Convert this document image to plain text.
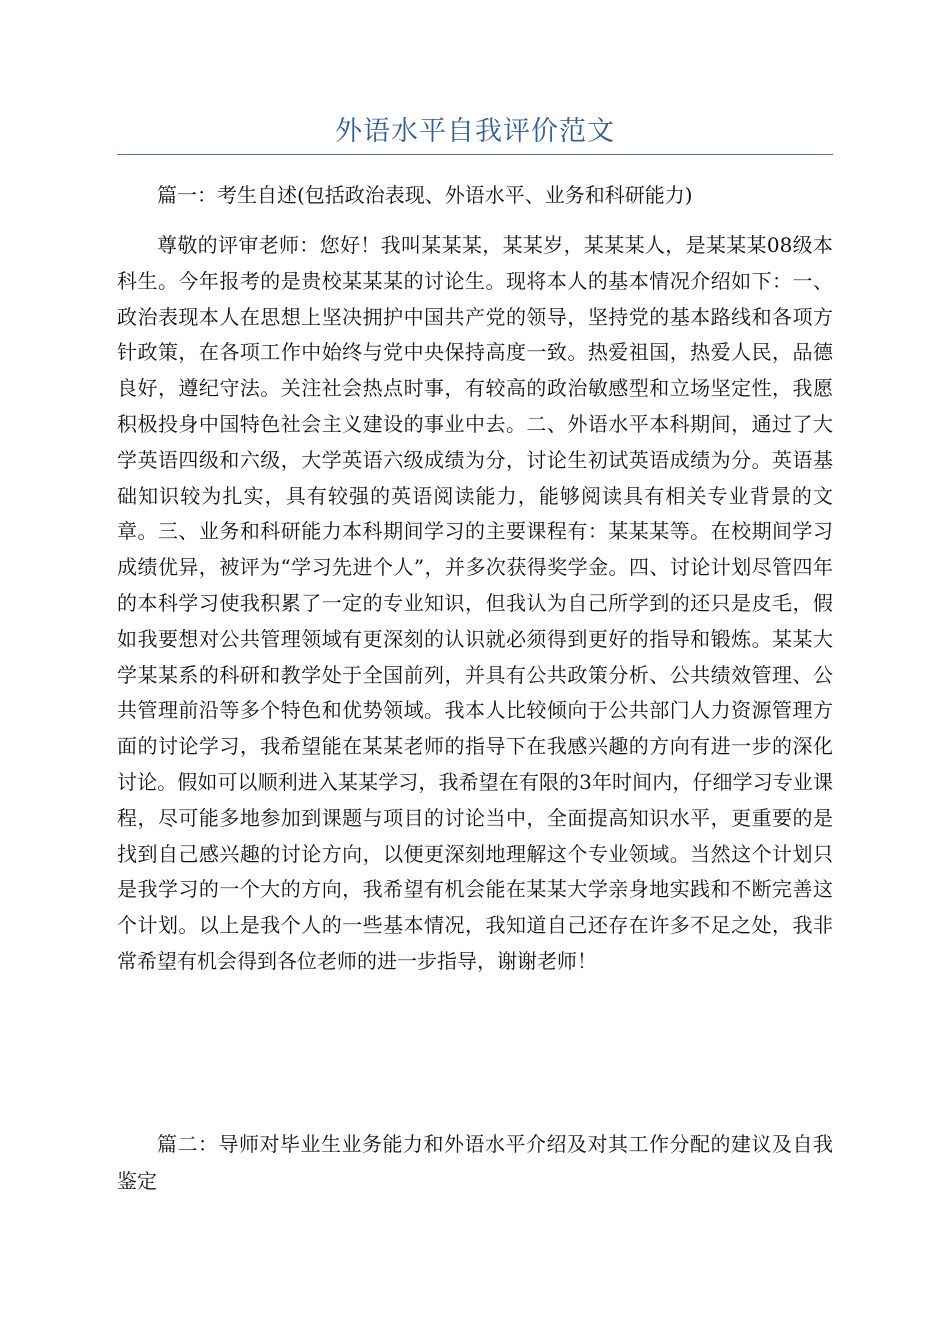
外语水平自我评价范文

篇一：考生自述(包括政治表现、外语水平、业务和科研能力)

尊敬的评审老师：您好！我叫某某某，某某岁，某某某人，是某某某08级本科生。今年报考的是贵校某某某的讨论生。现将本人的基本情况介绍如下：一、政治表现本人在思想上坚决拥护中国共产党的领导，坚持党的基本路线和各项方针政策，在各项工作中始终与党中央保持高度一致。热爱祖国，热爱人民，品德良好，遵纪守法。关注社会热点时事，有较高的政治敏感型和立场坚定性，我愿积极投身中国特色社会主义建设的事业中去。二、外语水平本科期间，通过了大学英语四级和六级，大学英语六级成绩为分，讨论生初试英语成绩为分。英语基础知识较为扎实，具有较强的英语阅读能力，能够阅读具有相关专业背景的文章。三、业务和科研能力本科期间学习的主要课程有：某某某等。在校期间学习成绩优异，被评为“学习先进个人”，并多次获得奖学金。四、讨论计划尽管四年的本科学习使我积累了一定的专业知识，但我认为自己所学到的还只是皮毛，假如我要想对公共管理领域有更深刻的认识就必须得到更好的指导和锻炼。某某大学某某系的科研和教学处于全国前列，并具有公共政策分析、公共绩效管理、公共管理前沿等多个特色和优势领域。我本人比较倾向于公共部门人力资源管理方面的讨论学习，我希望能在某某老师的指导下在我感兴趣的方向有进一步的深化讨论。假如可以顺利进入某某学习，我希望在有限的3年时间内，仔细学习专业课程，尽可能多地参加到课题与项目的讨论当中，全面提高知识水平，更重要的是找到自己感兴趣的讨论方向，以便更深刻地理解这个专业领域。当然这个计划只是我学习的一个大的方向，我希望有机会能在某某大学亲身地实践和不断完善这个计划。以上是我个人的一些基本情况，我知道自己还存在许多不足之处，我非常希望有机会得到各位老师的进一步指导，谢谢老师！

篇二：导师对毕业生业务能力和外语水平介绍及对其工作分配的建议及自我鉴定
